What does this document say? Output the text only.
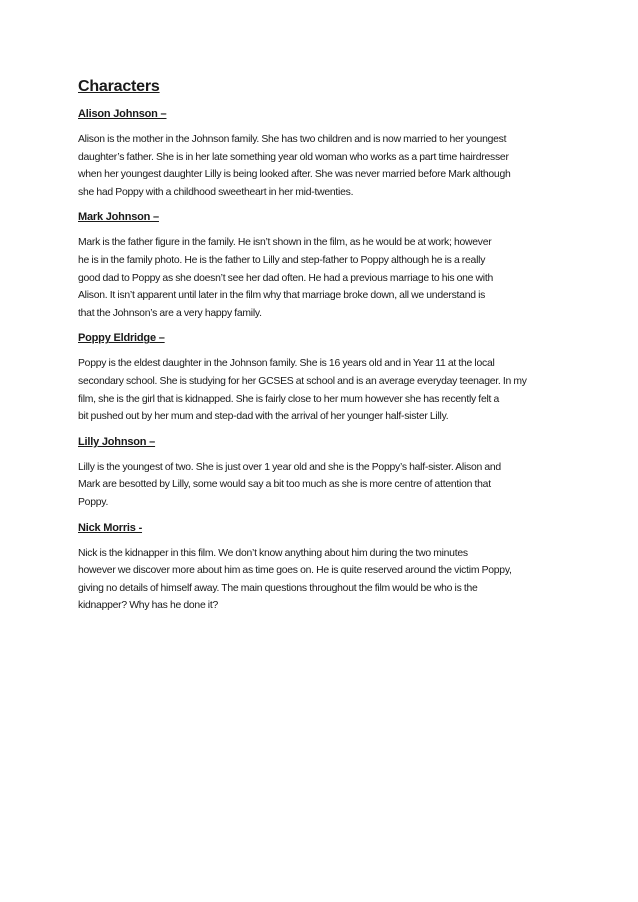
Characters
Alison Johnson –

Alison is the mother in the Johnson family. She has two children and is now married to her youngest
daughter’s father. She is in her late something year old woman who works as a part time hairdresser
when her youngest daughter Lilly is being looked after. She was never married before Mark although
she had Poppy with a childhood sweetheart in her mid-twenties.

Mark Johnson –

Mark is the father figure in the family. He isn’t shown in the film, as he would be at work; however
he is in the family photo. He is the father to Lilly and step-father to Poppy although he is a really
good dad to Poppy as she doesn’t see her dad often. He had a previous marriage to his one with
Alison. It isn’t apparent until later in the film why that marriage broke down, all we understand is
that the Johnson’s are a very happy family.

Poppy Eldridge –

Poppy is the eldest daughter in the Johnson family. She is 16 years old and in Year 11 at the local
secondary school. She is studying for her GCSES at school and is an average everyday teenager. In my
film, she is the girl that is kidnapped. She is fairly close to her mum however she has recently felt a
bit pushed out by her mum and step-dad with the arrival of her younger half-sister Lilly.

Lilly Johnson –

Lilly is the youngest of two. She is just over 1 year old and she is the Poppy’s half-sister. Alison and
Mark are besotted by Lilly, some would say a bit too much as she is more centre of attention that
Poppy.

Nick Morris -

Nick is the kidnapper in this film. We don’t know anything about him during the two minutes
however we discover more about him as time goes on. He is quite reserved around the victim Poppy,
giving no details of himself away. The main questions throughout the film would be who is the
kidnapper? Why has he done it?
